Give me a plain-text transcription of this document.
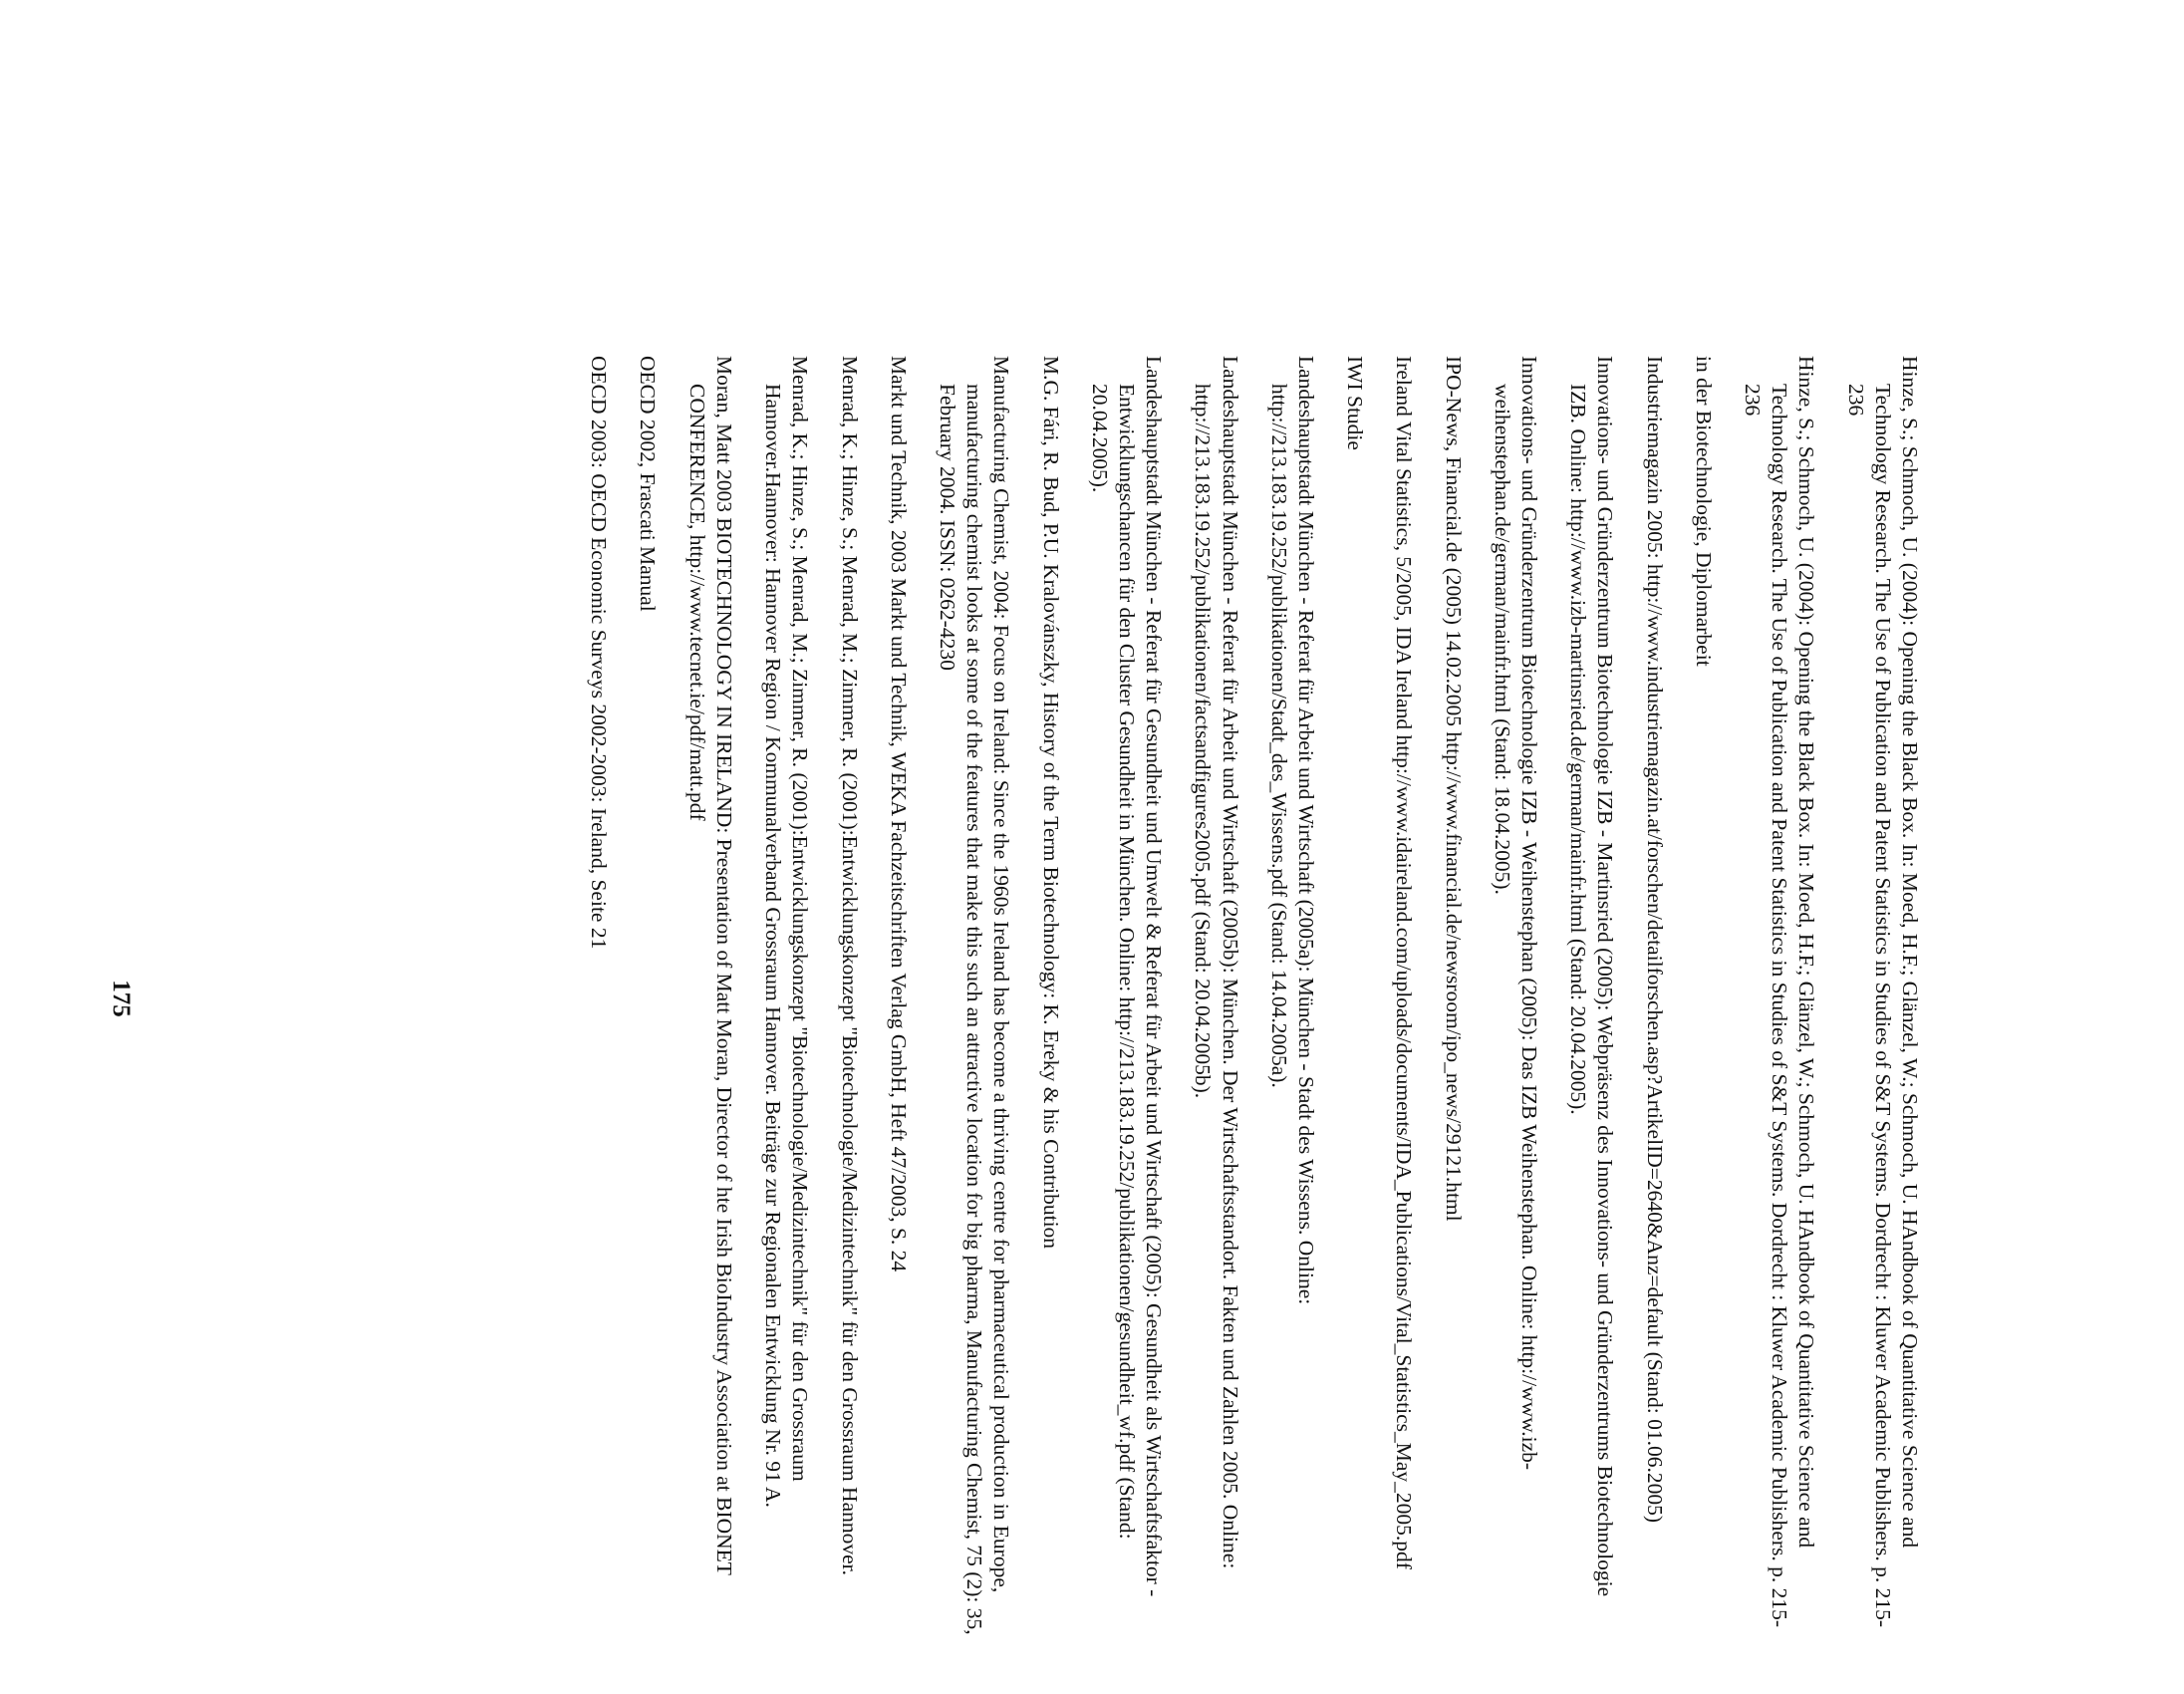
Hinze, S.; Schmoch, U. (2004): Opening the Black Box. In: Moed, H.F.; Glänzel, W.; Schmoch, U. HAndbook of Quantitative Science and Technology Research. The Use of Publication and Patent Statistics in Studies of S&T Systems. Dordrecht : Kluwer Academic Publishers. p. 215-236
Hinze, S.; Schmoch, U. (2004): Opening the Black Box. In: Moed, H.F.; Glänzel, W.; Schmoch, U. HAndbook of Quantitative Science and Technology Research. The Use of Publication and Patent Statistics in Studies of S&T Systems. Dordrecht : Kluwer Academic Publishers. p. 215-236
in der Biotechnologie, Diplomarbeit
Industriemagazin 2005: http://www.industriemagazin.at/forschen/detailforschen.asp?ArtikelID=2640&Anz=default (Stand: 01.06.2005)
Innovations- und Gründerzentrum Biotechnologie IZB - Martinsried (2005): Webpräsenz des Innovations- und Gründerzentrums Biotechnologie IZB. Online: http://www.izb-martinsried.de/german/mainfr.html (Stand: 20.04.2005).
Innovations- und Gründerzentrum Biotechnologie IZB - Weihenstephan (2005): Das IZB Weihenstephan. Online: http://www.izb-weihenstephan.de/german/mainfr.html (Stand: 18.04.2005).
IPO-News, Financial.de (2005) 14.02.2005 http://www.financial.de/newsroom/ipo_news/29121.html
Ireland Vital Statistics, 5/2005, IDA Ireland http://www.idaireland.com/uploads/documents/IDA_Publications/Vital_Statistics_May_2005.pdf
IWI Studie
Landeshauptstadt München - Referat für Arbeit und Wirtschaft (2005a): München - Stadt des Wissens. Online: http://213.183.19.252/publikationen/Stadt_des_Wissens.pdf (Stand: 14.04.2005a).
Landeshauptstadt München - Referat für Arbeit und Wirtschaft (2005b): München. Der Wirtschaftsstandort. Fakten und Zahlen 2005. Online: http://213.183.19.252/publikationen/factsandfigures2005.pdf (Stand: 20.04.2005b).
Landeshauptstadt München - Referat für Gesundheit und Umwelt & Referat für Arbeit und Wirtschaft (2005): Gesundheit als Wirtschaftsfaktor - Entwicklungschancen für den Cluster Gesundheit in München. Online: http://213.183.19.252/publikationen/gesundheit_wf.pdf (Stand: 20.04.2005).
M.G. Fári, R. Bud, P.U. Kralovánszky, History of the Term Biotechnology: K. Ereky & his Contribution
Manufacturing Chemist, 2004: Focus on Ireland: Since the 1960s Ireland has become a thriving centre for pharmaceutical production in Europe, manufacturing chemist looks at some of the features that make this such an attractive location for big pharma, Manufacturing Chemist, 75 (2): 35, February 2004. ISSN: 0262-4230
Markt und Technik, 2003 Markt und Technik, WEKA Fachzeitschriften Verlag GmbH, Heft 47/2003, S. 24
Menrad, K.; Hinze, S.; Menrad, M.; Zimmer, R. (2001):Entwicklungskonzept "Biotechnologie/Medizintechnik" für den Grossraum Hannover.
Menrad, K.; Hinze, S.; Menrad, M.; Zimmer, R. (2001):Entwicklungskonzept "Biotechnologie/Medizintechnik" für den Grossraum Hannover.Hannover: Hannover Region / Kommunalverband Grossraum Hannover. Beiträge zur Regionalen Entwicklung Nr. 91 A.
Moran, Matt 2003 BIOTECHNOLOGY IN IRELAND: Presentation of Matt Moran, Director of hte Irish BioIndustry Association at BIONET CONFERENCE, http://www.tecnet.ie/pdf/matt.pdf
OECD 2002, Frascati Manual
OECD 2003: OECD Economic Surveys 2002-2003: Ireland, Seite 21
175
